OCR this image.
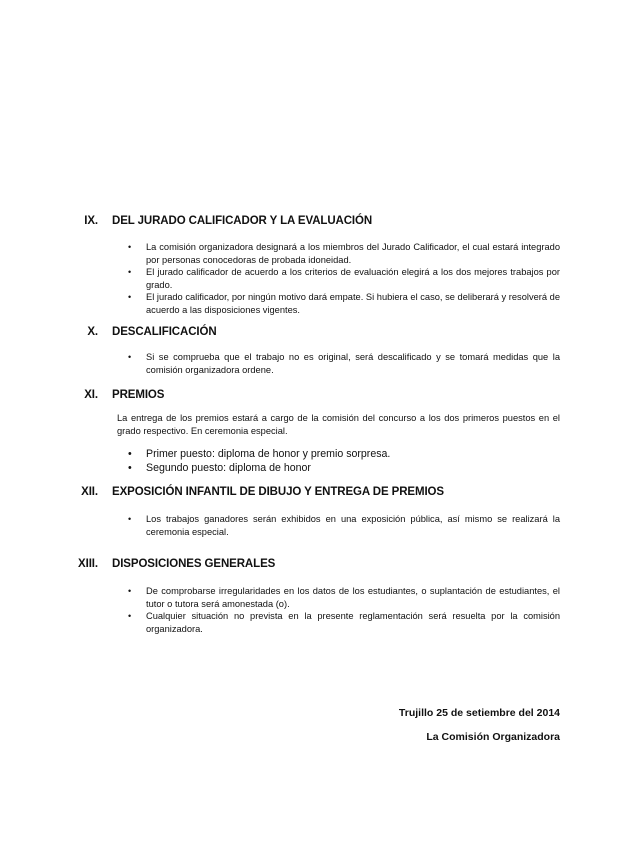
IX. DEL JURADO CALIFICADOR Y LA EVALUACIÓN
• La comisión organizadora designará a los miembros del Jurado Calificador, el cual estará integrado por personas conocedoras de probada idoneidad.
• El jurado calificador de acuerdo a los criterios de evaluación elegirá a los dos mejores trabajos por grado.
• El jurado calificador, por ningún motivo dará empate. Si hubiera el caso, se deliberará y resolverá de acuerdo a las disposiciones vigentes.
X. DESCALIFICACIÓN
• Si se comprueba que el trabajo no es original, será descalificado y se tomará medidas que la comisión organizadora ordene.
XI. PREMIOS
La entrega de los premios estará a cargo de la comisión del concurso a los dos primeros puestos en el grado respectivo. En ceremonia especial.
• Primer puesto: diploma de honor y premio sorpresa.
• Segundo puesto: diploma de honor
XII. EXPOSICIÓN INFANTIL DE DIBUJO Y ENTREGA DE PREMIOS
• Los trabajos ganadores serán exhibidos en una exposición pública, así mismo se realizará la ceremonia especial.
XIII. DISPOSICIONES GENERALES
• De comprobarse irregularidades en los datos de los estudiantes, o suplantación de estudiantes, el tutor o tutora será amonestada (o).
• Cualquier situación no prevista en la presente reglamentación será resuelta por la comisión organizadora.
Trujillo 25 de setiembre del 2014
La Comisión Organizadora
